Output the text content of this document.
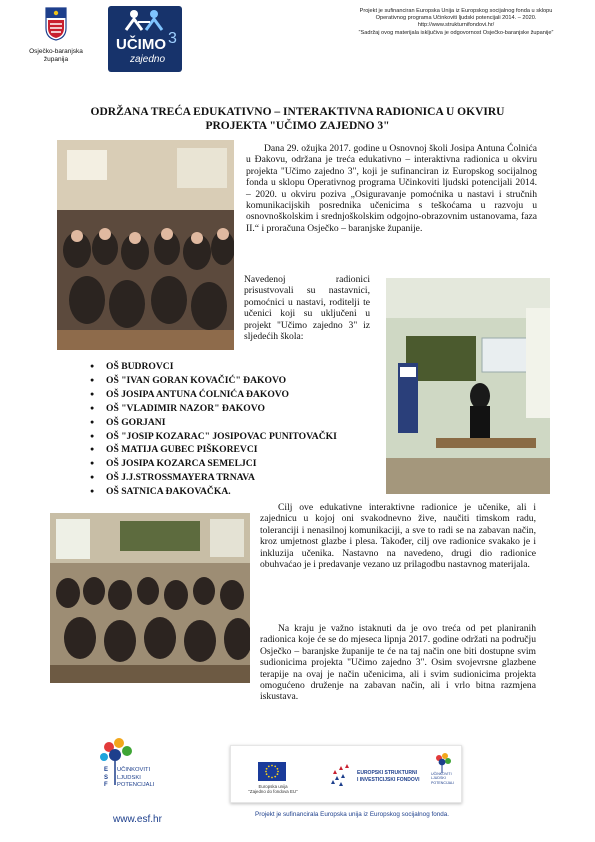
Osječko-baranjska županija
UČIMO
zajedno
3
Projekt je sufinanciran Europska Unija iz Europskog socijalnog fonda u sklopu
Operativnog programa Učinkoviti ljudski potencijali 2014. – 2020.
http://www.strukturnifondovi.hr/
“Sadržaj ovog materijala isključiva je odgovornost Osječko-baranjske županije”
ODRŽANA TREĆA EDUKATIVNO – INTERAKTIVNA RADIONICA U OKVIRU
PROJEKTA "UČIMO ZAJEDNO 3"
Dana 29. ožujka 2017. godine u Osnovnoj školi Josipa Antuna Ćolnića u Đakovu, održana je treća edukativno – interaktivna radionica u okviru projekta "Učimo zajedno 3", koji je sufinanciran iz Europskog socijalnog fonda u sklopu Operativnog programa Učinkoviti ljudski potencijali 2014. – 2020. u okviru poziva „Osiguravanje pomoćnika u nastavi i stručnih komunikacijskih posrednika učenicima s teškoćama u razvoju u osnovnoškolskim i srednjoškolskim odgojno-obrazovnim ustanovama, faza II.“ i proračuna Osječko – baranjske županije.
Navedenoj radionici prisustvovali su nastavnici, pomoćnici u nastavi, roditelji te učenici koji su uključeni u projekt "Učimo zajedno 3" iz sljedećih škola:
● OŠ BUDROVCI
● OŠ "IVAN GORAN KOVAČIĆ" ĐAKOVO
● OŠ JOSIPA ANTUNA ĆOLNIĆA ĐAKOVO
● OŠ "VLADIMIR NAZOR" ĐAKOVO
● OŠ GORJANI
● OŠ "JOSIP KOZARAC" JOSIPOVAC PUNITOVAČKI
● OŠ MATIJA GUBEC PIŠKOREVCI
● OŠ JOSIPA KOZARCA SEMELJCI
● OŠ J.J.STROSSMAYERA TRNAVA
● OŠ SATNICA ĐAKOVAČKA.
Cilj ove edukativne interaktivne radionice je učenike, ali i zajednicu u kojoj oni svakodnevno žive, naučiti timskom radu, toleranciji i nenasilnoj komunikaciji, a sve to radi se na zabavan način, kroz umjetnost glazbe i plesa. Također, cilj ove radionice svakako je i inkluzija učenika. Nastavno na navedeno, drugi dio radionice obuhvaćao je i predavanje vezano uz prilagodbu nastavnog materijala.
Na kraju je važno istaknuti da je ovo treća od pet planiranih radionica koje će se do mjeseca lipnja 2017. godine održati na području Osječko – baranjske županije te će na taj način one biti dostupne svim sudionicima projekta "Učimo zajedno 3". Osim svojevrsne glazbene terapije na ovaj je način učenicima, ali i svim sudionicima projekta omogućeno druženje na zabavan način, ali i vrlo bitna razmjena iskustava.
E
S
F
UČINKOVITI
LJUDSKI
POTENCIJALI
www.esf.hr
Europska unija
"Zajedno do fondova EU"
EUROPSKI STRUKTURNI
I INVESTICIJSKI FONDOVI
UČINKOVITI
LJUDSKI
POTENCIJALI
Projekt je sufinancirala Europska unija iz Europskog socijalnog fonda.
